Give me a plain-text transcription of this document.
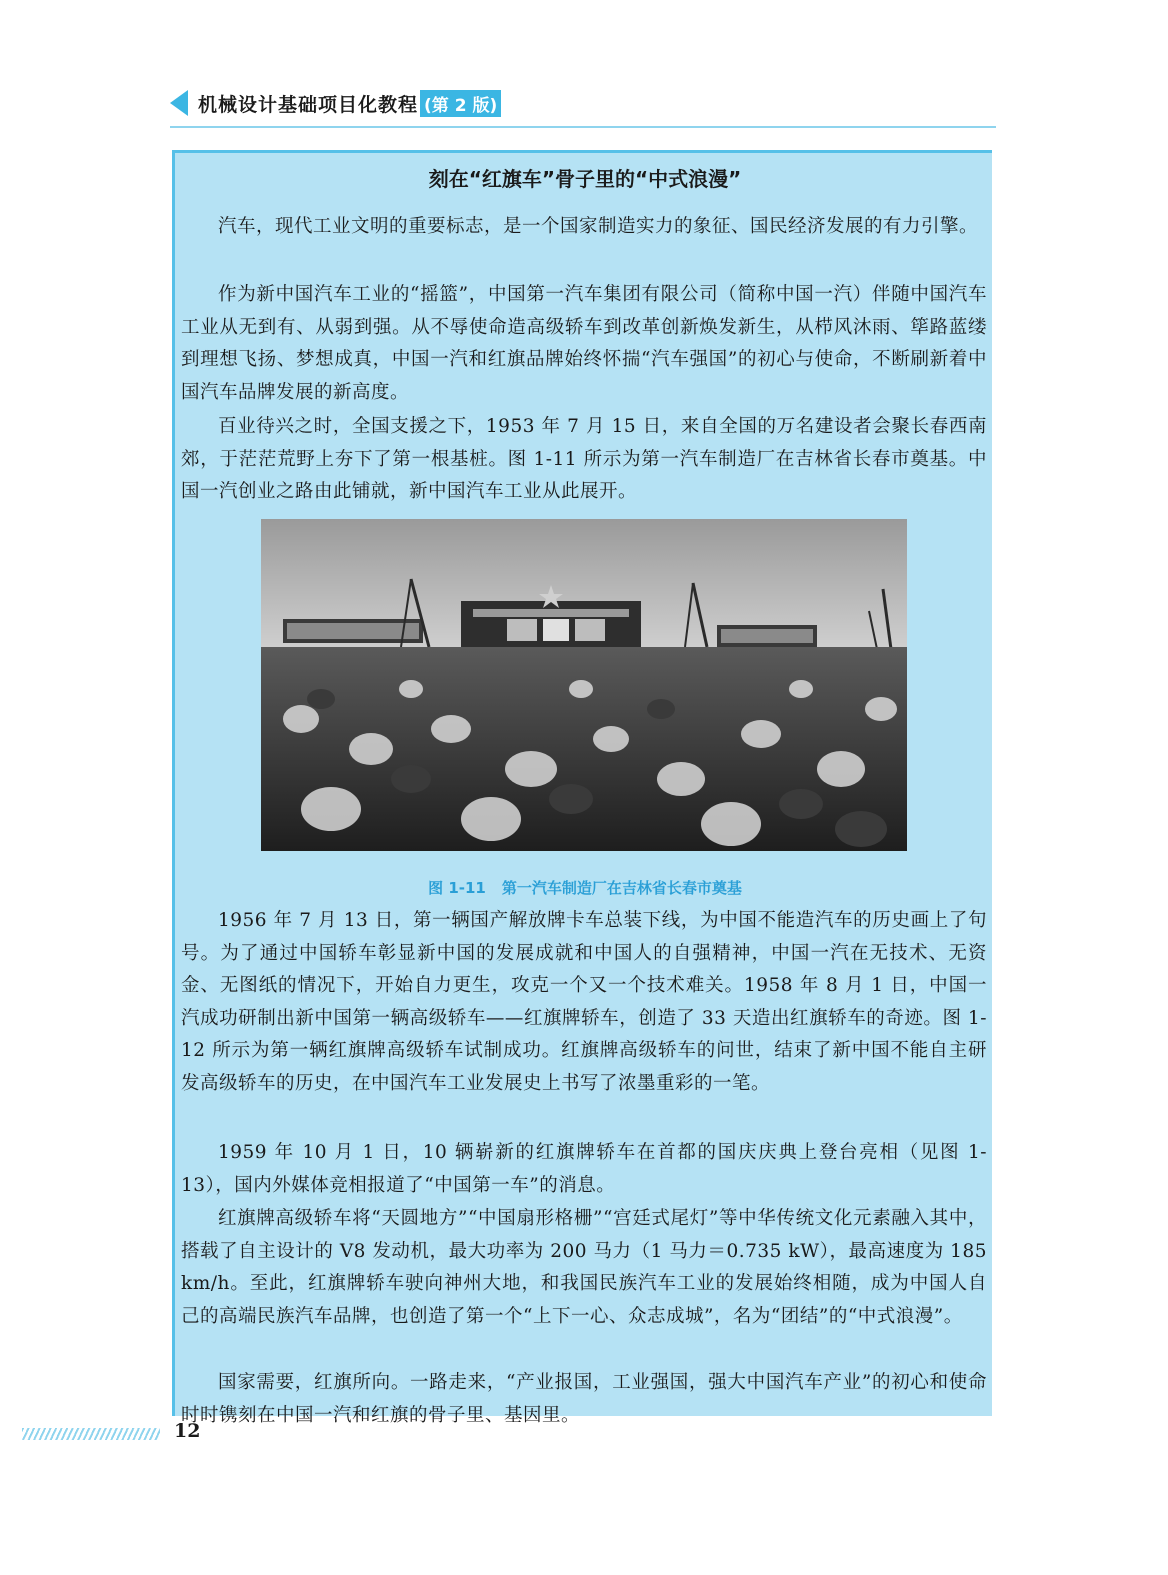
机械设计基础项目化教程 (第 2 版)
刻在“红旗车”骨子里的“中式浪漫”

汽车，现代工业文明的重要标志，是一个国家制造实力的象征、国民经济发展的有力引擎。

作为新中国汽车工业的“摇篮”，中国第一汽车集团有限公司（简称中国一汽）伴随中国汽车工业从无到有、从弱到强。从不辱使命造高级轿车到改革创新焕发新生，从栉风沐雨、筚路蓝缕到理想飞扬、梦想成真，中国一汽和红旗品牌始终怀揣“汽车强国”的初心与使命，不断刷新着中国汽车品牌发展的新高度。

百业待兴之时，全国支援之下，1953 年 7 月 15 日，来自全国的万名建设者会聚长春西南郊，于茫茫荒野上夯下了第一根基桩。图 1-11 所示为第一汽车制造厂在吉林省长春市奠基。中国一汽创业之路由此铺就，新中国汽车工业从此展开。

图 1-11 第一汽车制造厂在吉林省长春市奠基

1956 年 7 月 13 日，第一辆国产解放牌卡车总装下线，为中国不能造汽车的历史画上了句号。为了通过中国轿车彰显新中国的发展成就和中国人的自强精神，中国一汽在无技术、无资金、无图纸的情况下，开始自力更生，攻克一个又一个技术难关。1958 年 8 月 1 日，中国一汽成功研制出新中国第一辆高级轿车——红旗牌轿车，创造了 33 天造出红旗轿车的奇迹。图 1-12 所示为第一辆红旗牌高级轿车试制成功。红旗牌高级轿车的问世，结束了新中国不能自主研发高级轿车的历史，在中国汽车工业发展史上书写了浓墨重彩的一笔。

1959 年 10 月 1 日，10 辆崭新的红旗牌轿车在首都的国庆庆典上登台亮相（见图 1-13），国内外媒体竞相报道了“中国第一车”的消息。

红旗牌高级轿车将“天圆地方”“中国扇形格栅”“宫廷式尾灯”等中华传统文化元素融入其中，搭载了自主设计的 V8 发动机，最大功率为 200 马力（1 马力＝0.735 kW），最高速度为 185 km/h。至此，红旗牌轿车驶向神州大地，和我国民族汽车工业的发展始终相随，成为中国人自己的高端民族汽车品牌，也创造了第一个“上下一心、众志成城”，名为“团结”的“中式浪漫”。

国家需要，红旗所向。一路走来，“产业报国，工业强国，强大中国汽车产业”的初心和使命时时镌刻在中国一汽和红旗的骨子里、基因里。

12
